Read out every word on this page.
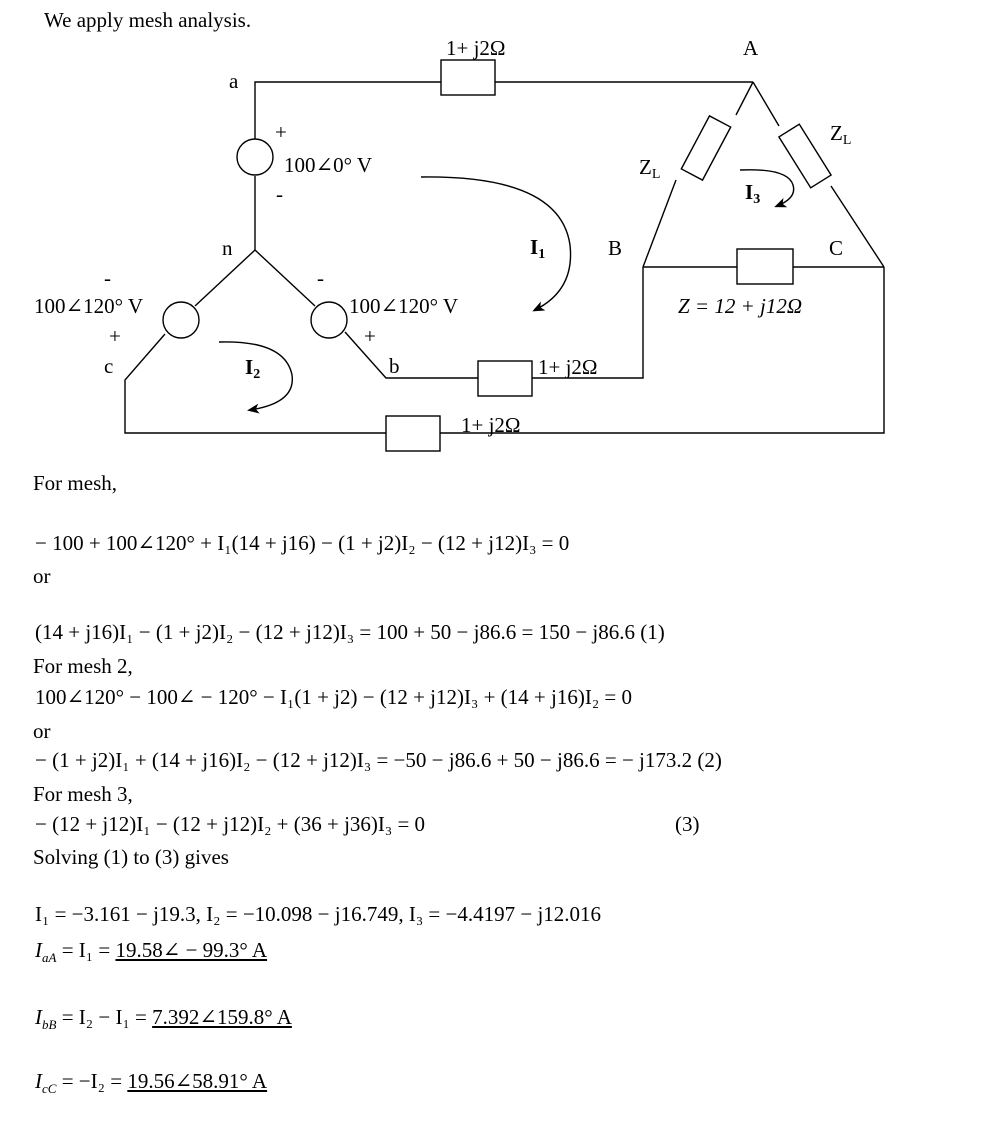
We apply mesh analysis.
1+ j2Ω
1+ j2Ω
1+ j2Ω
100∠0° V
100∠120° V	100∠120° V
a
b
c
n
A
B	C
+
-
-
+
-
+
ZL
ZL
Z = 12 + j12Ω
I1
I2
I3
For mesh,
− 100 + 100∠120° + I₁(14 + j16) − (1 + j2)I₂ − (12 + j12)I₃ = 0
or
(14 + j16)I₁ − (1 + j2)I₂ − (12 + j12)I₃ = 100 + 50 − j86.6 = 150 − j86.6 (1)
For mesh 2,
100∠120° − 100∠ − 120° − I₁(1 + j2) − (12 + j12)I₃ + (14 + j16)I₂ = 0
or
− (1 + j2)I₁ + (14 + j16)I₂ − (12 + j12)I₃ = −50 − j86.6 + 50 − j86.6 = − j173.2 (2)
For mesh 3,
− (12 + j12)I₁ − (12 + j12)I₂ + (36 + j36)I₃ = 0	(3)
Solving (1) to (3) gives
I₁ = −3.161 − j19.3, I₂ = −10.098 − j16.749, I₃ = −4.4197 − j12.016
$I_{aA} = I_1$ = 19.58∠ − 99.3° A
$I_{bB} = I_2 - I_1$ = 7.392∠159.8° A
$I_{cC} = -I_2$ = 19.56∠58.91° A
